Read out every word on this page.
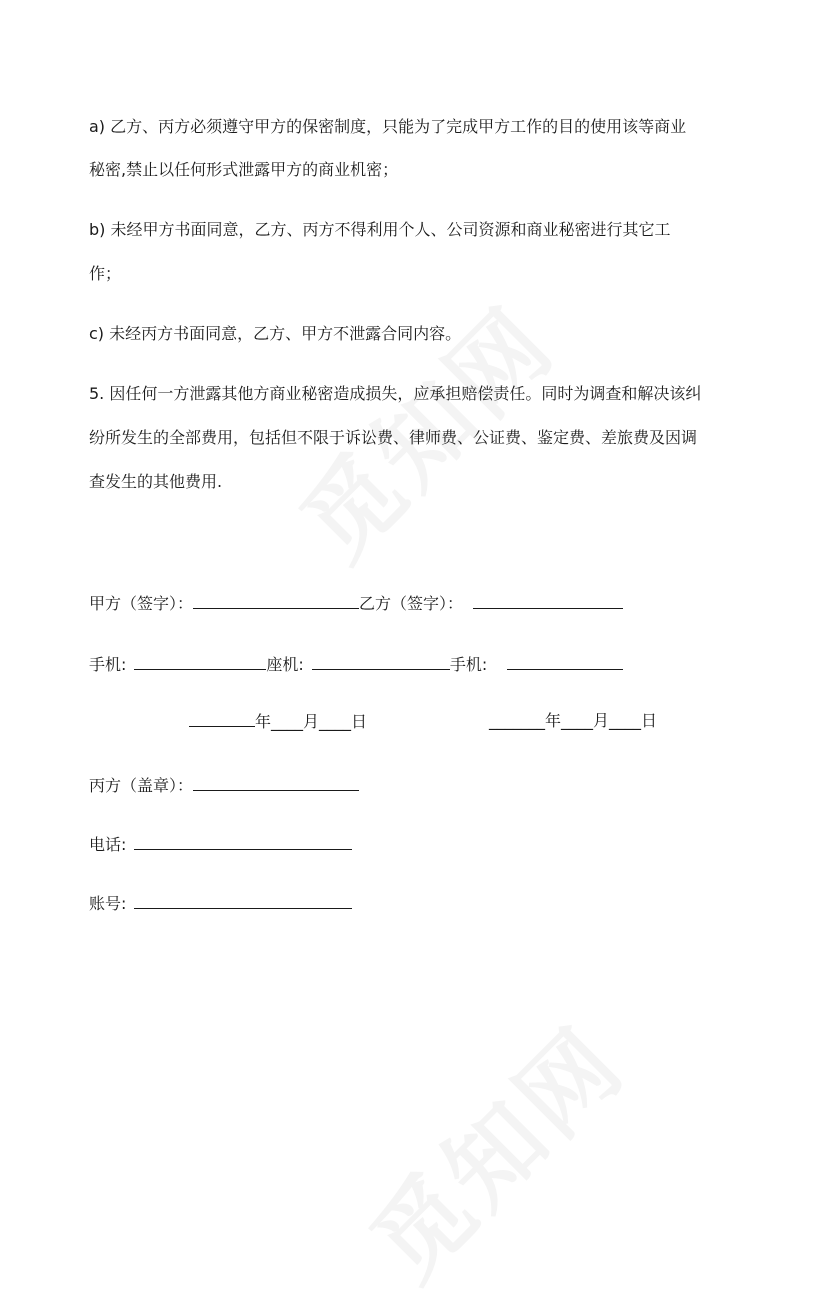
a) 乙方、丙方必须遵守甲方的保密制度，只能为了完成甲方工作的目的使用该等商业

秘密,禁止以任何形式泄露甲方的商业机密；

b) 未经甲方书面同意，乙方、丙方不得利用个人、公司资源和商业秘密进行其它工

作；

c) 未经丙方书面同意，乙方、甲方不泄露合同内容。

5. 因任何一方泄露其他方商业秘密造成损失，应承担赔偿责任。同时为调查和解决该纠

纷所发生的全部费用，包括但不限于诉讼费、律师费、公证费、鉴定费、差旅费及因调

查发生的其他费用.

甲方（签字）：	乙方（签字）：
手机:	座机:	手机:
年____月____日	_______年____月____日
丙方（盖章）：
电话:
账号:
